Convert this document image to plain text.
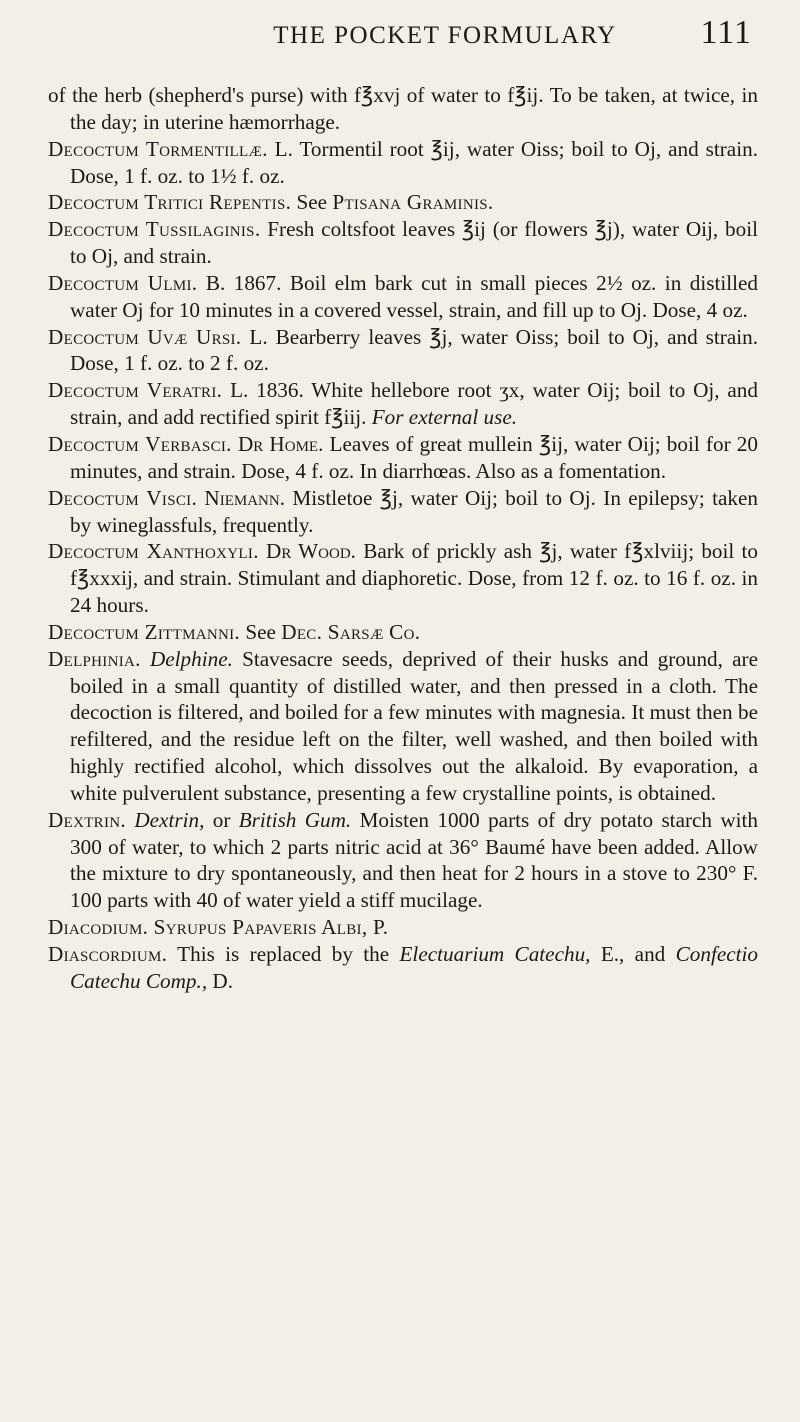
THE POCKET FORMULARY	111

of the herb (shepherd's purse) with f℥xvj of water to f℥ij. To be taken, at twice, in the day; in uterine hæmorrhage.

Decoctum Tormentillæ. L. Tormentil root ℥ij, water Oiss; boil to Oj, and strain. Dose, 1 f. oz. to 1½ f. oz.

Decoctum Tritici Repentis. See Ptisana Graminis.

Decoctum Tussilaginis. Fresh coltsfoot leaves ℥ij (or flowers ℥j), water Oij, boil to Oj, and strain.

Decoctum Ulmi. B. 1867. Boil elm bark cut in small pieces 2½ oz. in distilled water Oj for 10 minutes in a covered vessel, strain, and fill up to Oj. Dose, 4 oz.

Decoctum Uvæ Ursi. L. Bearberry leaves ℥j, water Oiss; boil to Oj, and strain. Dose, 1 f. oz. to 2 f. oz.

Decoctum Veratri. L. 1836. White hellebore root ʒx, water Oij; boil to Oj, and strain, and add rectified spirit f℥iij. For external use.

Decoctum Verbasci. Dr Home. Leaves of great mullein ℥ij, water Oij; boil for 20 minutes, and strain. Dose, 4 f. oz. In diarrhœas. Also as a fomentation.

Decoctum Visci. Niemann. Mistletoe ℥j, water Oij; boil to Oj. In epilepsy; taken by wineglassfuls, frequently.

Decoctum Xanthoxyli. Dr Wood. Bark of prickly ash ℥j, water f℥xlviij; boil to f℥xxxij, and strain. Stimulant and diaphoretic. Dose, from 12 f. oz. to 16 f. oz. in 24 hours.

Decoctum Zittmanni. See Dec. Sarsæ Co.

Delphinia. Delphine. Stavesacre seeds, deprived of their husks and ground, are boiled in a small quantity of distilled water, and then pressed in a cloth. The decoction is filtered, and boiled for a few minutes with magnesia. It must then be refiltered, and the residue left on the filter, well washed, and then boiled with highly rectified alcohol, which dissolves out the alkaloid. By evaporation, a white pulverulent substance, presenting a few crystalline points, is obtained.

Dextrin. Dextrin, or British Gum. Moisten 1000 parts of dry potato starch with 300 of water, to which 2 parts nitric acid at 36° Baumé have been added. Allow the mixture to dry spontaneously, and then heat for 2 hours in a stove to 230° F. 100 parts with 40 of water yield a stiff mucilage.

Diacodium. Syrupus Papaveris Albi, P.

Diascordium. This is replaced by the Electuarium Catechu, E., and Confectio Catechu Comp., D.
